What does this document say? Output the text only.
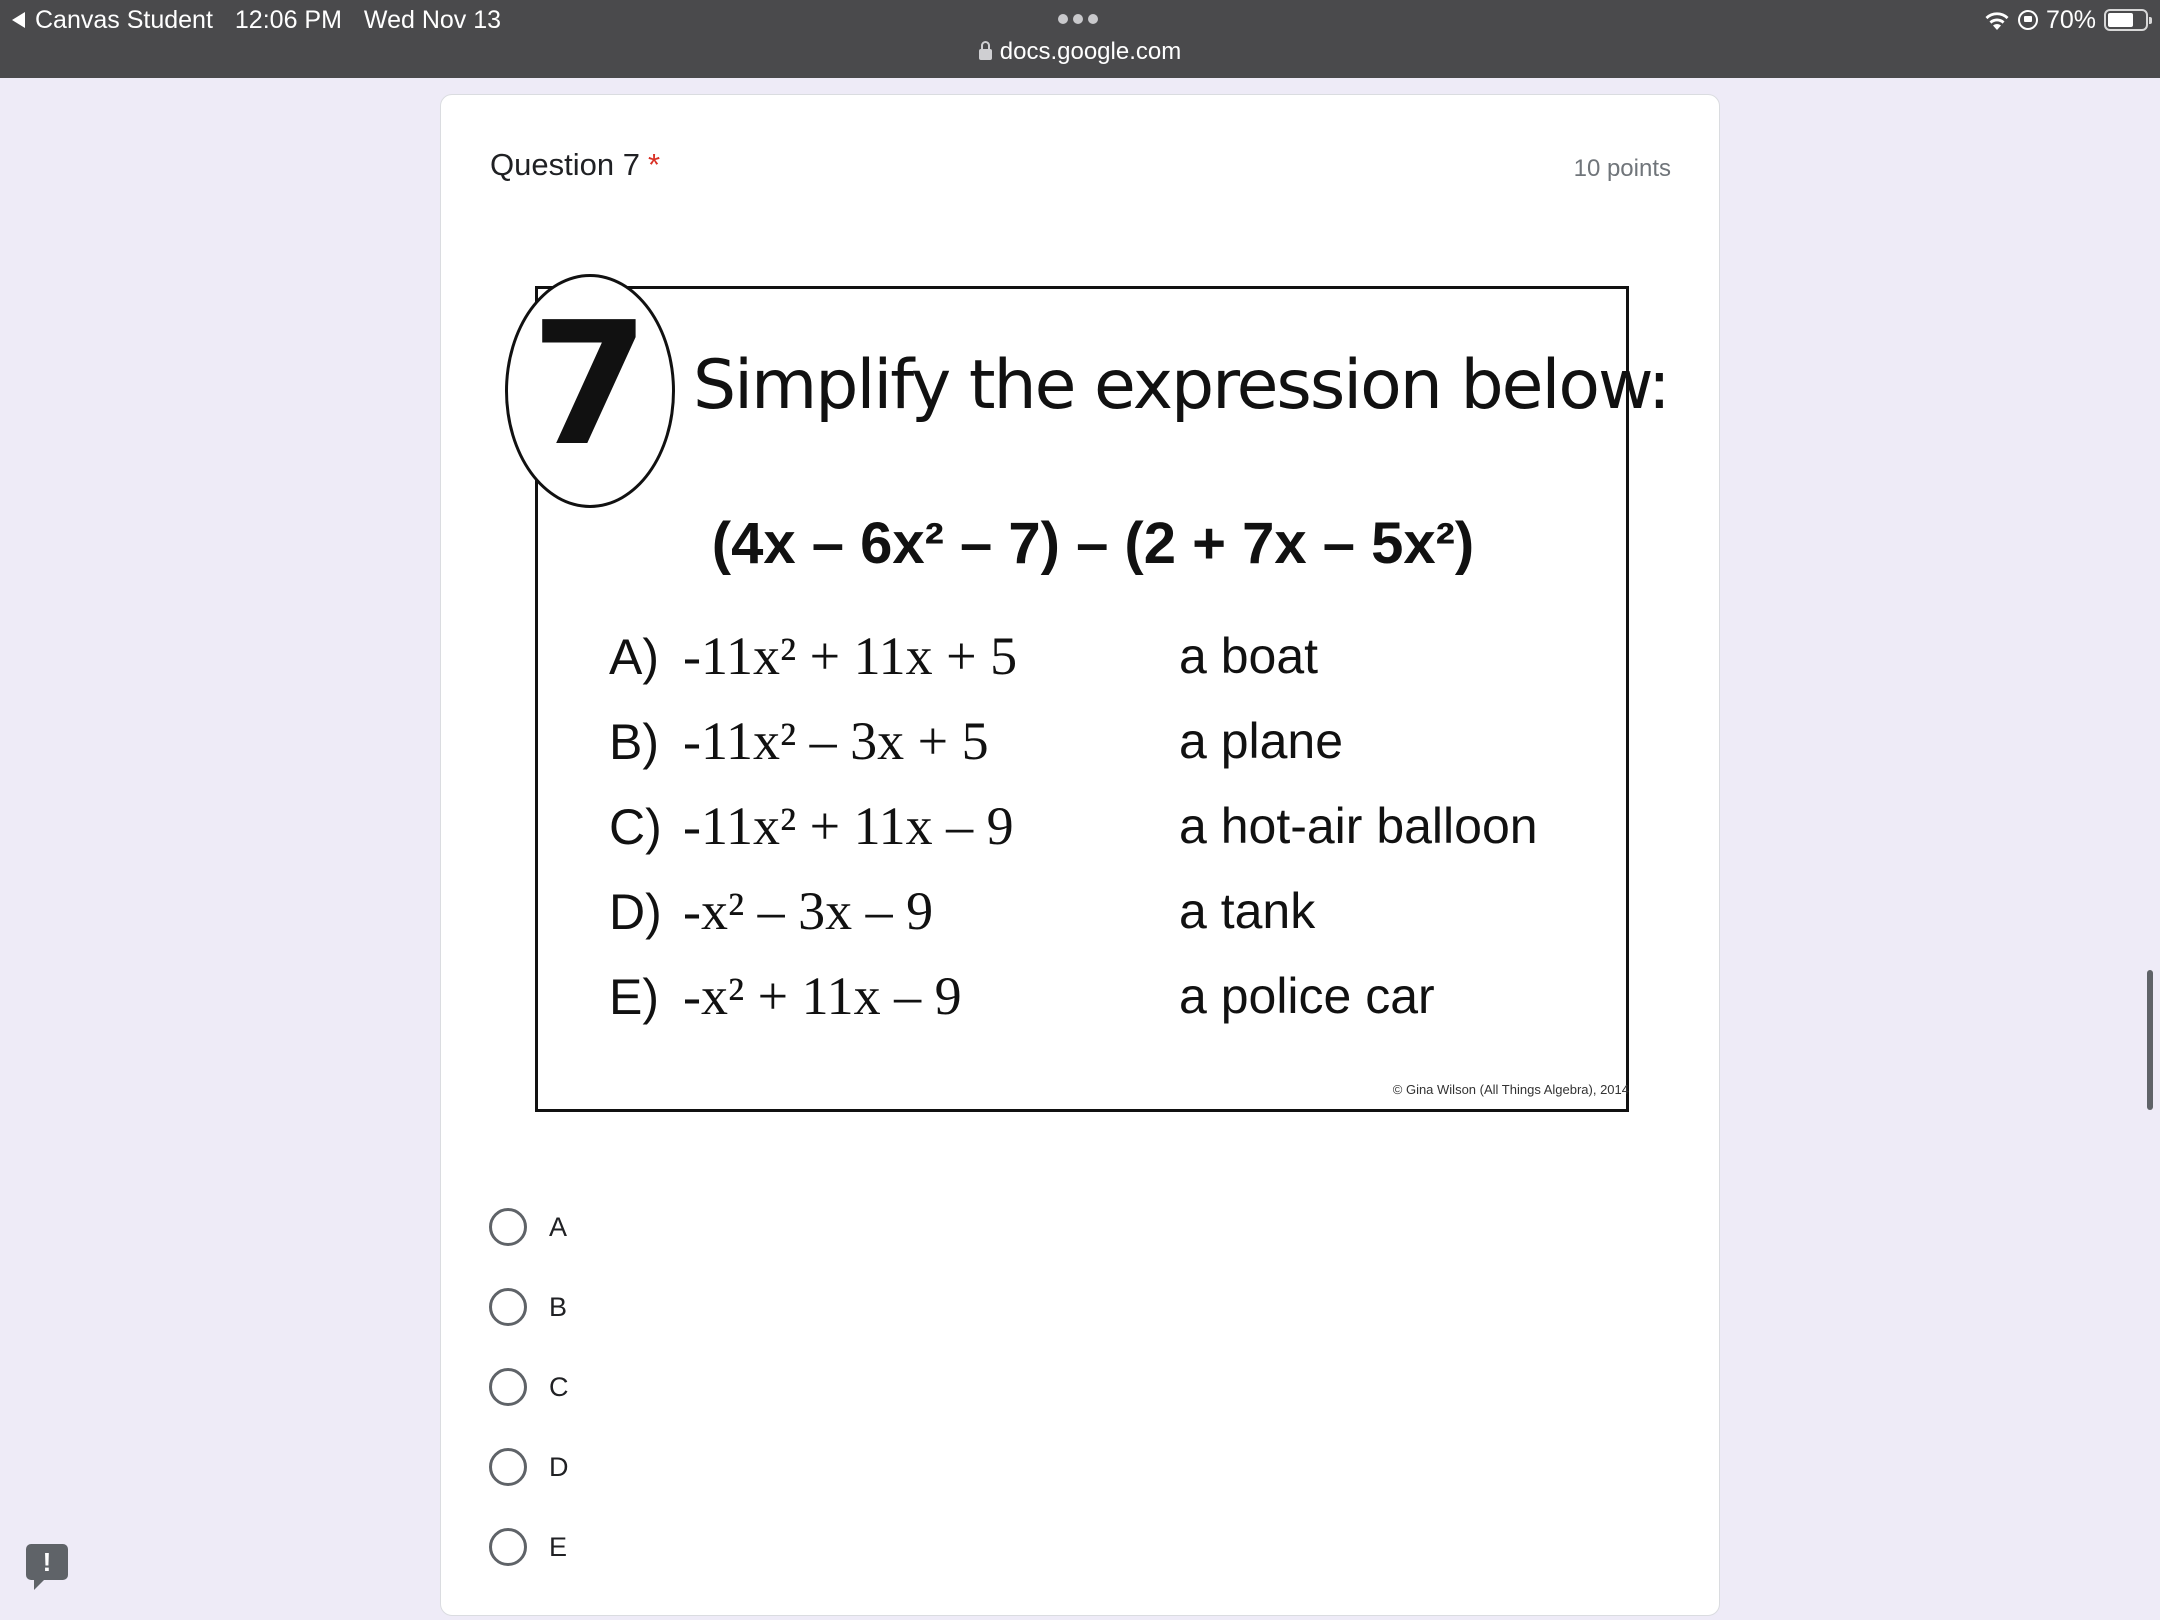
Canvas Student 12:06 PM Wed Nov 13
docs.google.com
70%
Question 7 *	10 points
7 Simplify the expression below:
(4x – 6x² – 7) – (2 + 7x – 5x²)
A) -11x² + 11x + 5
B) -11x² – 3x + 5
C) -11x² + 11x – 9
D) -x² – 3x – 9
E) -x² + 11x – 9
a boat
a plane
a hot-air balloon
a tank
a police car
© Gina Wilson (All Things Algebra), 2014
A
B
C
D
E
!
